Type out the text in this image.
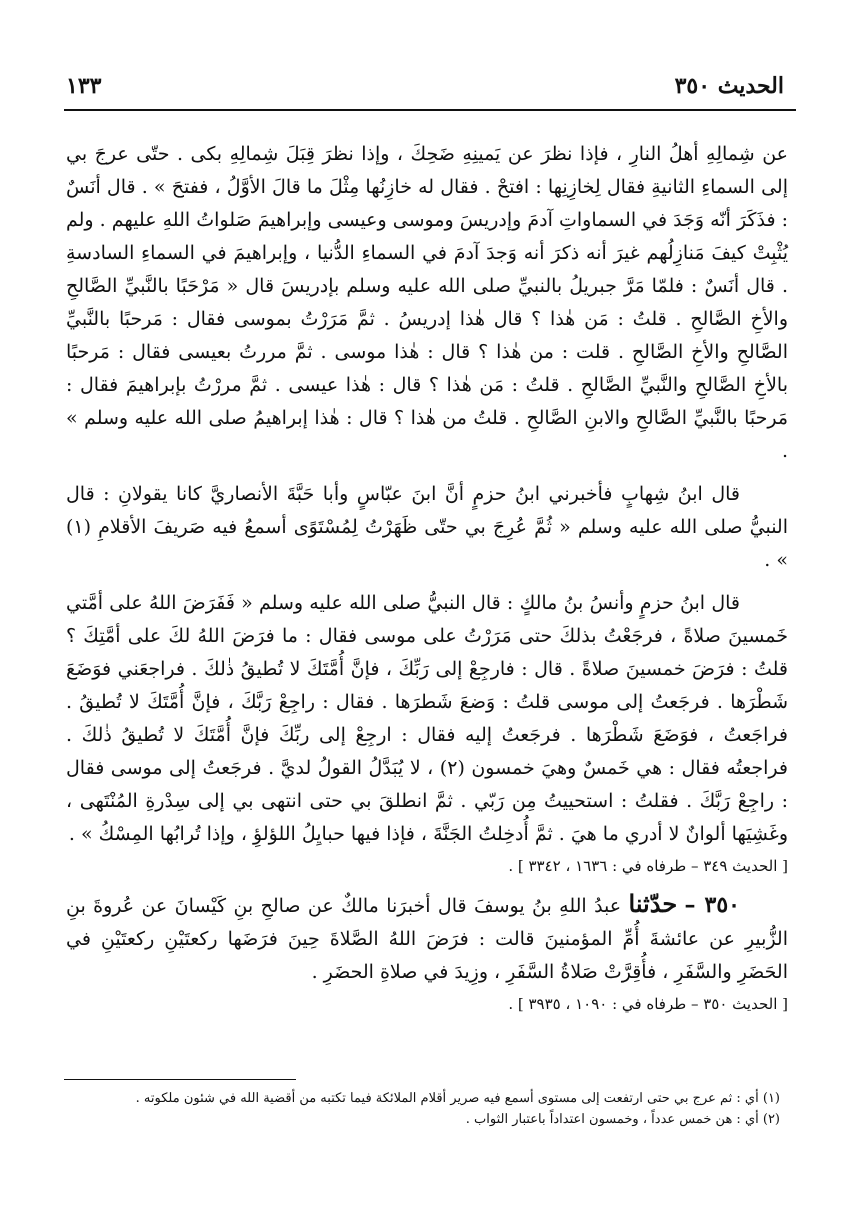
الحديث ٣٥٠
١٣٣

عن شِمالِهِ أهلُ النارِ ، فإذا نظرَ عن يَمينِهِ ضَحِكَ ، وإذا نظرَ قِبَلَ شِمالِهِ بكى . حتّى عرجَ بي إلى السماءِ الثانيةِ فقال لِخازِنِها : افتحْ . فقال له خازِنُها مِثْلَ ما قالَ الأوَّلُ ، ففتحَ » . قال أنَسٌ : فذَكَرَ أنّه وَجَدَ في السماواتِ آدمَ وإدريسَ وموسى وعيسى وإبراهيمَ صَلواتُ اللهِ عليهم . ولم يُثْبِتْ كيفَ مَنازِلُهم غيرَ أنه ذكرَ أنه وَجدَ آدمَ في السماءِ الدُّنيا ، وإبراهيمَ في السماءِ السادسةِ . قال أنَسٌ : فلمّا مَرَّ جبريلُ بالنبيِّ صلى الله عليه وسلم بإدريسَ قال « مَرْحَبًا بالنَّبيِّ الصَّالحِ والأخِ الصَّالحِ . قلتُ : مَن هٰذا ؟ قال هٰذا إدريسُ . ثمَّ مَرَرْتُ بموسى فقال : مَرحبًا بالنَّبيِّ الصَّالحِ والأخِ الصَّالحِ . قلت : من هٰذا ؟ قال : هٰذا موسى . ثمَّ مررتُ بعيسى فقال : مَرحبًا بالأخِ الصَّالحِ والنَّبيِّ الصَّالحِ . قلتُ : مَن هٰذا ؟ قال : هٰذا عيسى . ثمَّ مررْتُ بإبراهيمَ فقال : مَرحبًا بالنَّبيِّ الصَّالحِ والابنِ الصَّالحِ . قلتُ من هٰذا ؟ قال : هٰذا إبراهيمُ صلى الله عليه وسلم » .

قال ابنُ شِهابٍ فأخبرني ابنُ حزمٍ أنَّ ابنَ عبّاسٍ وأبا حَبَّةَ الأنصاريَّ كانا يقولانِ : قال النبيُّ صلى الله عليه وسلم « ثُمَّ عُرِجَ بي حتّى ظَهَرْتُ لِمُسْتَوًى أسمعُ فيه صَريفَ الأقلامِ (١) » .

قال ابنُ حزمٍ وأنسُ بنُ مالكٍ : قال النبيُّ صلى الله عليه وسلم « فَفَرَضَ اللهُ على أمَّتي خَمسينَ صلاةً ، فرجَعْتُ بذلكَ حتى مَرَرْتُ على موسى فقال : ما فرَضَ اللهُ لكَ على أمَّتِكَ ؟ قلتُ : فرَضَ خمسينَ صلاةً . قال : فارجِعْ إلى رَبِّكَ ، فإنَّ أُمَّتَكَ لا تُطيقُ ذٰلكَ . فراجعَني فوَضَعَ شَطْرَها . فرجَعتُ إلى موسى قلتُ : وَضعَ شَطرَها . فقال : راجِعْ رَبَّكَ ، فإنَّ أُمَّتَكَ لا تُطيقُ . فراجَعتُ ، فوَضَعَ شَطْرَها . فرجَعتُ إليه فقال : ارجِعْ إلى ربِّكَ فإنَّ أُمَّتَكَ لا تُطيقُ ذٰلكَ . فراجعتُه فقال : هي خَمسٌ وهيَ خمسون (٢) ، لا يُبَدَّلُ القولُ لديَّ . فرجَعتُ إلى موسى فقال : راجِعْ رَبَّكَ . فقلتُ : استحييتُ مِن رَبّي . ثمَّ انطلقَ بي حتى انتهى بي إلى سِدْرةِ المُنْتَهى ، وغَشِيَها ألوانٌ لا أدري ما هيَ . ثمَّ أُدخِلتُ الجَنَّةَ ، فإذا فيها حبايِلُ اللؤلؤِ ، وإذا تُرابُها المِسْكُ » .

[ الحديث ٣٤٩ – طرفاه في : ١٦٣٦ ، ٣٣٤٢ ] .

٣٥٠ – حدّثنا عبدُ اللهِ بنُ يوسفَ قال أخبرَنا مالكٌ عن صالحِ بنِ كَيْسانَ عن عُروةَ بنِ الزُّبيرِ عن عائشةَ أُمِّ المؤمنينَ قالت : فرَضَ اللهُ الصَّلاةَ حِينَ فرَضَها ركعتَيْنِ ركعتَيْنِ في الحَضَرِ والسَّفَرِ ، فأُقِرَّتْ صَلاةُ السَّفَرِ ، وزِيدَ في صلاةِ الحضَرِ .

[ الحديث ٣٥٠ – طرفاه في : ١٠٩٠ ، ٣٩٣٥ ] .

(١) أي : ثم عرج بي حتى ارتفعت إلى مستوى أسمع فيه صرير أقلام الملائكة فيما تكتبه من أقضية الله في شئون ملكوته .

(٢) أي : هن خمس عدداً ، وخمسون اعتداداً باعتبار الثواب .
